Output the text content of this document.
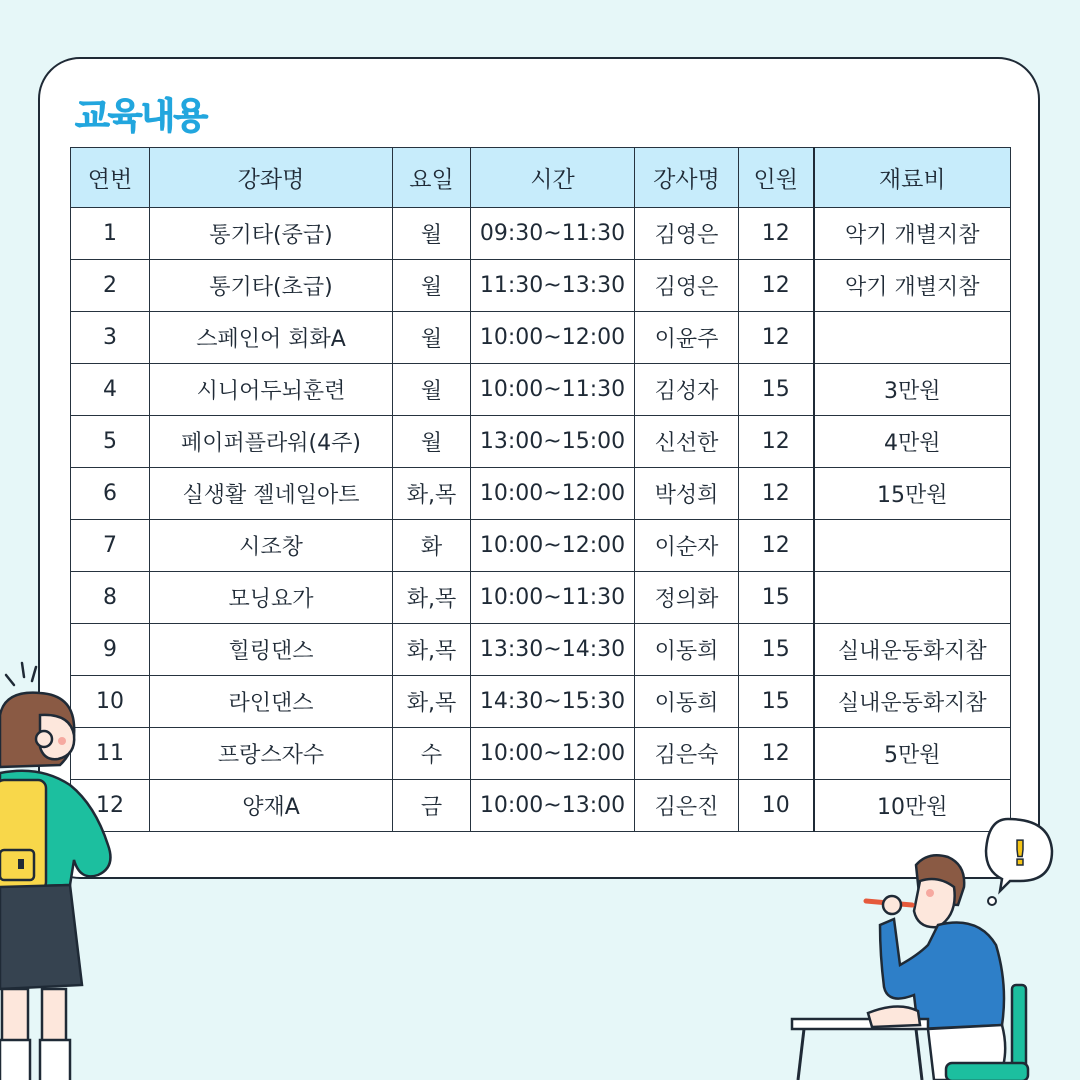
교육내용
연번	강좌명	요일	시간	강사명	인원	재료비
1	통기타(중급)	월	09:30~11:30	김영은	12	악기 개별지참
2	통기타(초급)	월	11:30~13:30	김영은	12	악기 개별지참
3	스페인어 회화A	월	10:00~12:00	이윤주	12	
4	시니어두뇌훈련	월	10:00~11:30	김성자	15	3만원
5	페이퍼플라워(4주)	월	13:00~15:00	신선한	12	4만원
6	실생활 젤네일아트	화,목	10:00~12:00	박성희	12	15만원
7	시조창	화	10:00~12:00	이순자	12	
8	모닝요가	화,목	10:00~11:30	정의화	15	
9	힐링댄스	화,목	13:30~14:30	이동희	15	실내운동화지참
10	라인댄스	화,목	14:30~15:30	이동희	15	실내운동화지참
11	프랑스자수	수	10:00~12:00	김은숙	12	5만원
12	양재A	금	10:00~13:00	김은진	10	10만원
!
